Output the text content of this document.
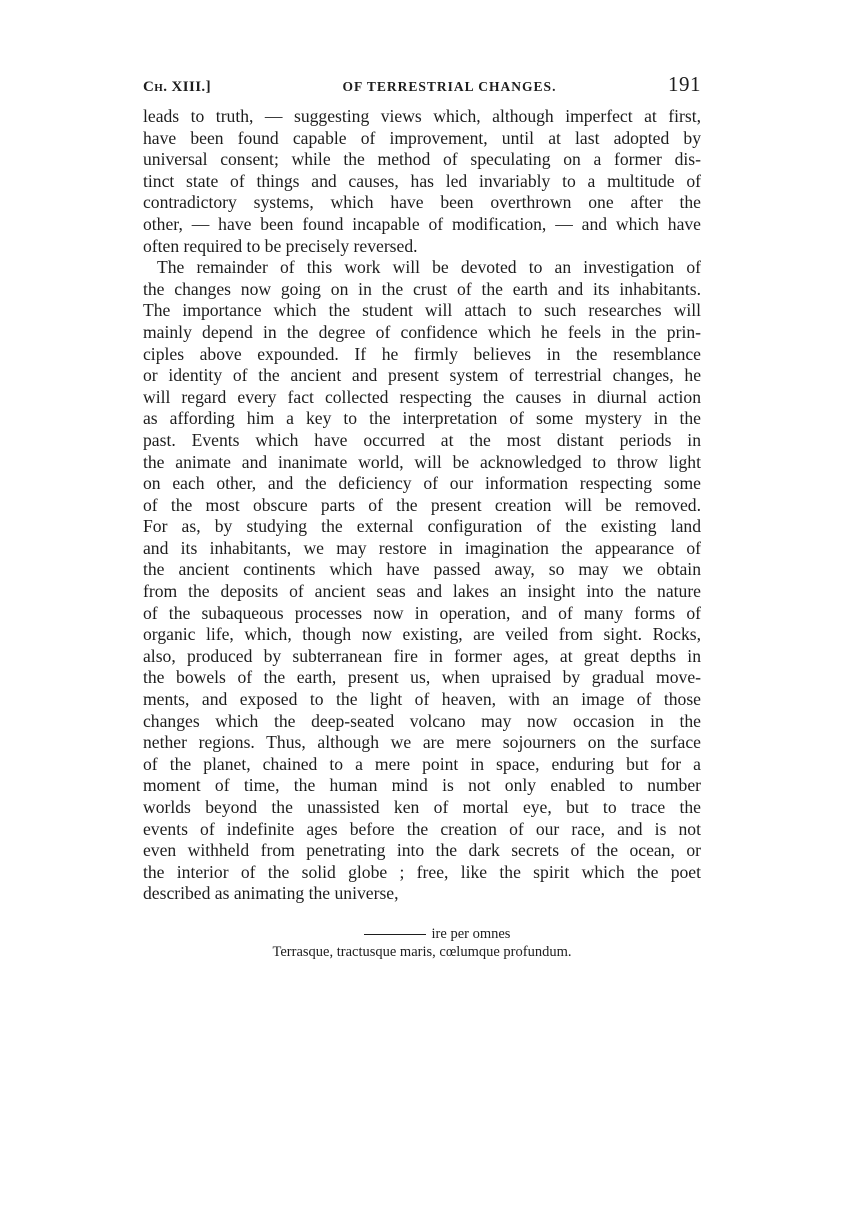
Ch. XIII.]	OF TERRESTRIAL CHANGES.	191
leads to truth, — suggesting views which, although imperfect at first,
have been found capable of improvement, until at last adopted by
universal consent; while the method of speculating on a former dis-
tinct state of things and causes, has led invariably to a multitude of
contradictory systems, which have been overthrown one after the
other, — have been found incapable of modification, — and which have
often required to be precisely reversed.
The remainder of this work will be devoted to an investigation of
the changes now going on in the crust of the earth and its inhabitants.
The importance which the student will attach to such researches will
mainly depend in the degree of confidence which he feels in the prin-
ciples above expounded. If he firmly believes in the resemblance
or identity of the ancient and present system of terrestrial changes, he
will regard every fact collected respecting the causes in diurnal action
as affording him a key to the interpretation of some mystery in the
past. Events which have occurred at the most distant periods in
the animate and inanimate world, will be acknowledged to throw light
on each other, and the deficiency of our information respecting some
of the most obscure parts of the present creation will be removed.
For as, by studying the external configuration of the existing land
and its inhabitants, we may restore in imagination the appearance of
the ancient continents which have passed away, so may we obtain
from the deposits of ancient seas and lakes an insight into the nature
of the subaqueous processes now in operation, and of many forms of
organic life, which, though now existing, are veiled from sight. Rocks,
also, produced by subterranean fire in former ages, at great depths in
the bowels of the earth, present us, when upraised by gradual move-
ments, and exposed to the light of heaven, with an image of those
changes which the deep-seated volcano may now occasion in the
nether regions. Thus, although we are mere sojourners on the surface
of the planet, chained to a mere point in space, enduring but for a
moment of time, the human mind is not only enabled to number
worlds beyond the unassisted ken of mortal eye, but to trace the
events of indefinite ages before the creation of our race, and is not
even withheld from penetrating into the dark secrets of the ocean, or
the interior of the solid globe ; free, like the spirit which the poet
described as animating the universe,
ire per omnes
Terrasque, tractusque maris, cœlumque profundum.
